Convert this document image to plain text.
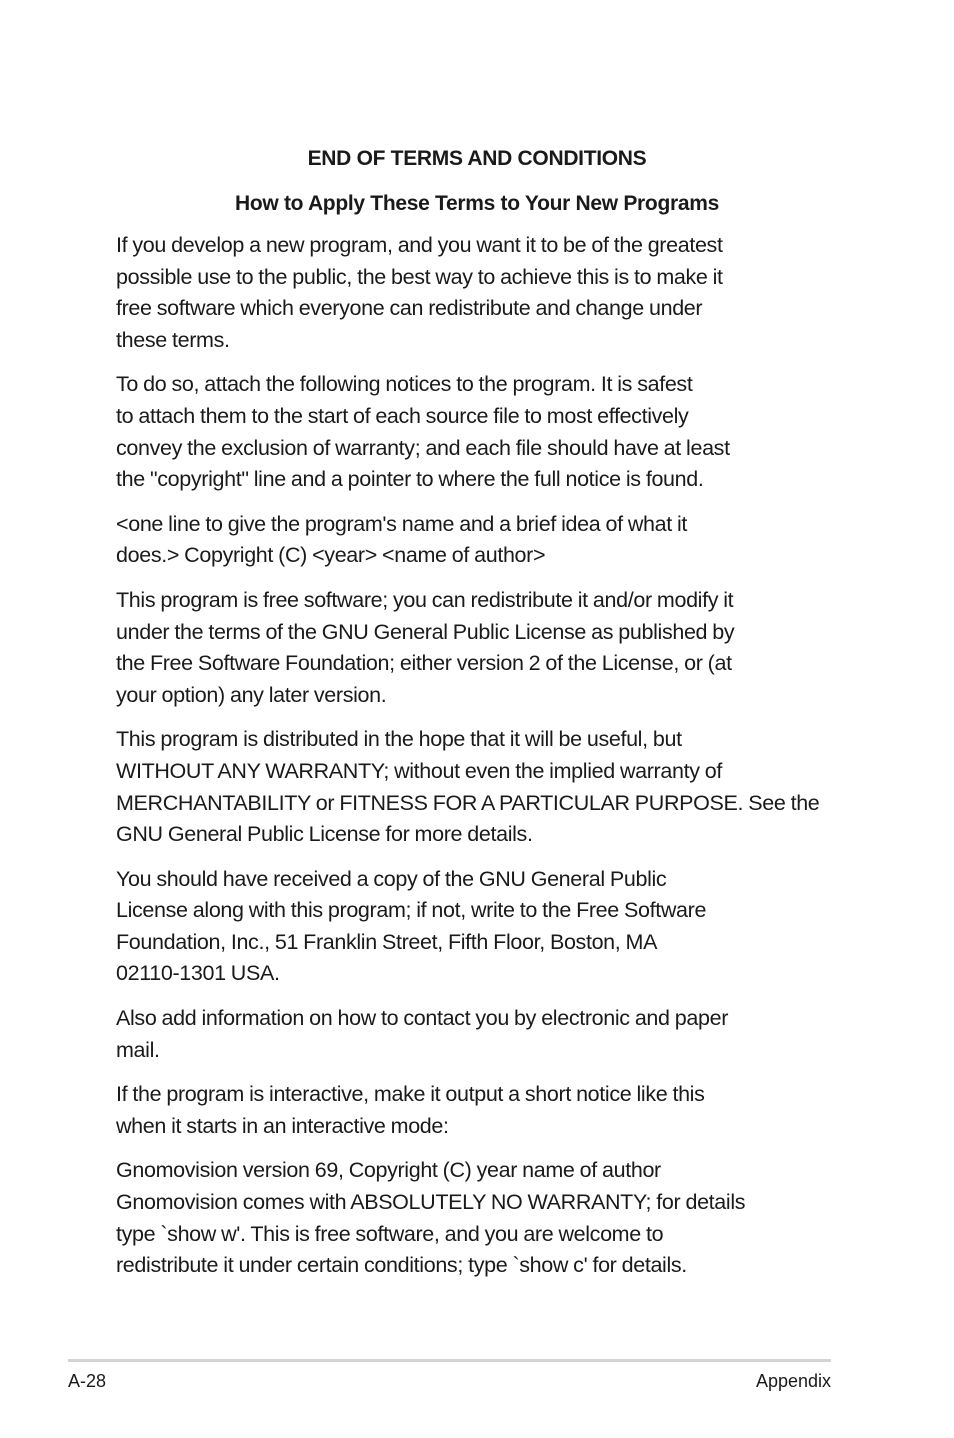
END OF TERMS AND CONDITIONS
How to Apply These Terms to Your New Programs

If you develop a new program, and you want it to be of the greatest
possible use to the public, the best way to achieve this is to make it
free software which everyone can redistribute and change under
these terms.

To do so, attach the following notices to the program. It is safest
to attach them to the start of each source file to most effectively
convey the exclusion of warranty; and each file should have at least
the "copyright" line and a pointer to where the full notice is found.

<one line to give the program's name and a brief idea of what it
does.> Copyright (C) <year> <name of author>

This program is free software; you can redistribute it and/or modify it
under the terms of the GNU General Public License as published by
the Free Software Foundation; either version 2 of the License, or (at
your option) any later version.

This program is distributed in the hope that it will be useful, but
WITHOUT ANY WARRANTY; without even the implied warranty of
MERCHANTABILITY or FITNESS FOR A PARTICULAR PURPOSE. See the
GNU General Public License for more details.

You should have received a copy of the GNU General Public
License along with this program; if not, write to the Free Software
Foundation, Inc., 51 Franklin Street, Fifth Floor, Boston, MA
02110-1301 USA.

Also add information on how to contact you by electronic and paper
mail.

If the program is interactive, make it output a short notice like this
when it starts in an interactive mode:

Gnomovision version 69, Copyright (C) year name of author
Gnomovision comes with ABSOLUTELY NO WARRANTY; for details
type `show w'. This is free software, and you are welcome to
redistribute it under certain conditions; type `show c' for details.

A-28	Appendix
